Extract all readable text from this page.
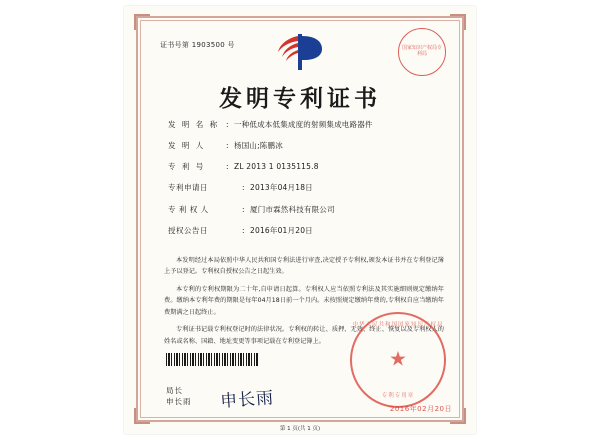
证书号第 1903500 号	国家知识产权局专利局
发明专利证书
发 明 名 称 : 一种低成本低集成度的射频集成电路器件
发 明 人	: 杨国山;陈鹏冰
专 利 号	: ZL 2013 1 0135115.8
专利申请日	: 2013年04月18日
专 利 权 人	: 厦门市霖然科技有限公司
授权公告日	: 2016年01月20日

本发明经过本局依照中华人民共和国专利法进行审查,决定授予专利权,颁发本证书并在专利登记簿上予以登记。专利权自授权公告之日起生效。

本专利的专利权期限为二十年,自申请日起算。专利权人应当依照专利法及其实施细则规定缴纳年费。缴纳本专利年费的期限是每年04月18日前一个月内。未按照规定缴纳年费的,专利权自应当缴纳年费期满之日起终止。

专利证书记载专利权登记时的法律状况。专利权的转让、质押、无效、终止、恢复以及专利权人的姓名或名称、国籍、地址变更等事项记载在专利登记簿上。

局长
申长雨 申长雨
中华人民共和国国家知识产权局
★
专利专用章
2016年02月20日
第 1 页(共 1 页)
